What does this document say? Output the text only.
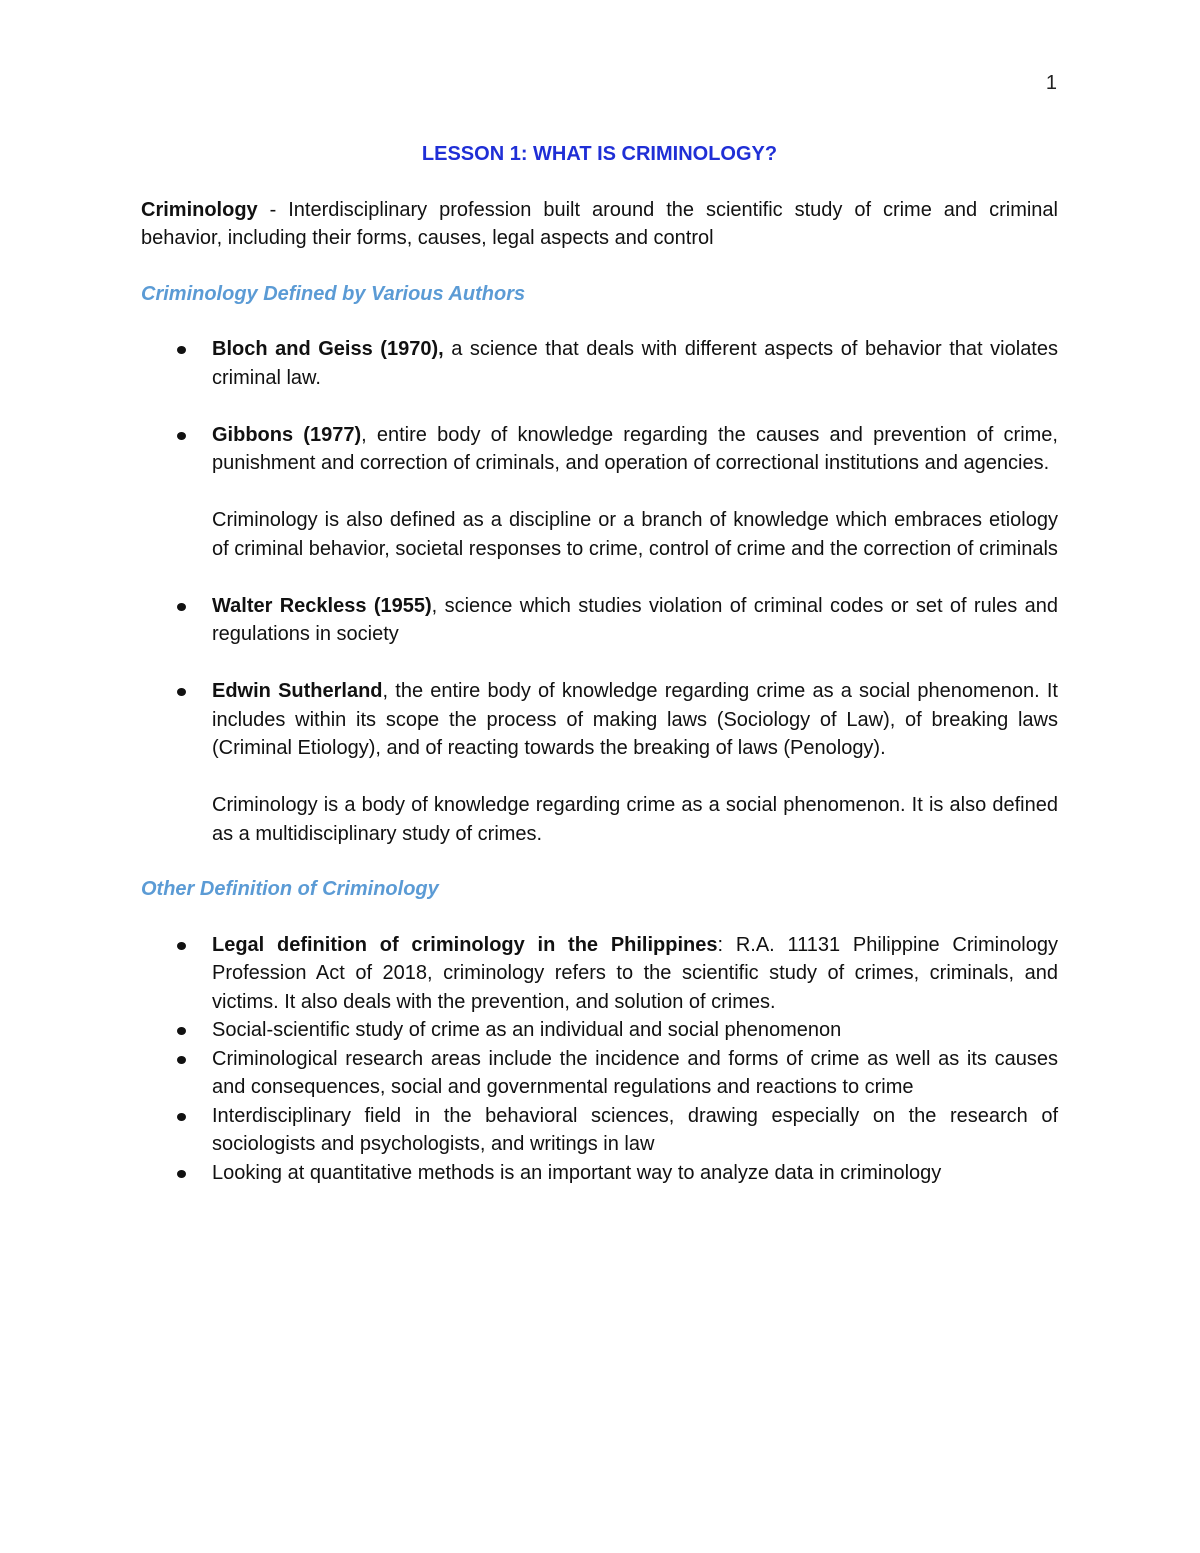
1
LESSON 1: WHAT IS CRIMINOLOGY?

Criminology - Interdisciplinary profession built around the scientific study of crime and criminal behavior, including their forms, causes, legal aspects and control

Criminology Defined by Various Authors
Bloch and Geiss (1970), a science that deals with different aspects of behavior that violates criminal law.
Gibbons (1977), entire body of knowledge regarding the causes and prevention of crime, punishment and correction of criminals, and operation of correctional institutions and agencies.

Criminology is also defined as a discipline or a branch of knowledge which embraces etiology of criminal behavior, societal responses to crime, control of crime and the correction of criminals

Walter Reckless (1955), science which studies violation of criminal codes or set of rules and regulations in society
Edwin Sutherland, the entire body of knowledge regarding crime as a social phenomenon. It includes within its scope the process of making laws (Sociology of Law), of breaking laws (Criminal Etiology), and of reacting towards the breaking of laws (Penology).

Criminology is a body of knowledge regarding crime as a social phenomenon. It is also defined as a multidisciplinary study of crimes.

Other Definition of Criminology
Legal definition of criminology in the Philippines: R.A. 11131 Philippine Criminology Profession Act of 2018, criminology refers to the scientific study of crimes, criminals, and victims. It also deals with the prevention, and solution of crimes.
Social-scientific study of crime as an individual and social phenomenon
Criminological research areas include the incidence and forms of crime as well as its causes and consequences, social and governmental regulations and reactions to crime
Interdisciplinary field in the behavioral sciences, drawing especially on the research of sociologists and psychologists, and writings in law
Looking at quantitative methods is an important way to analyze data in criminology
